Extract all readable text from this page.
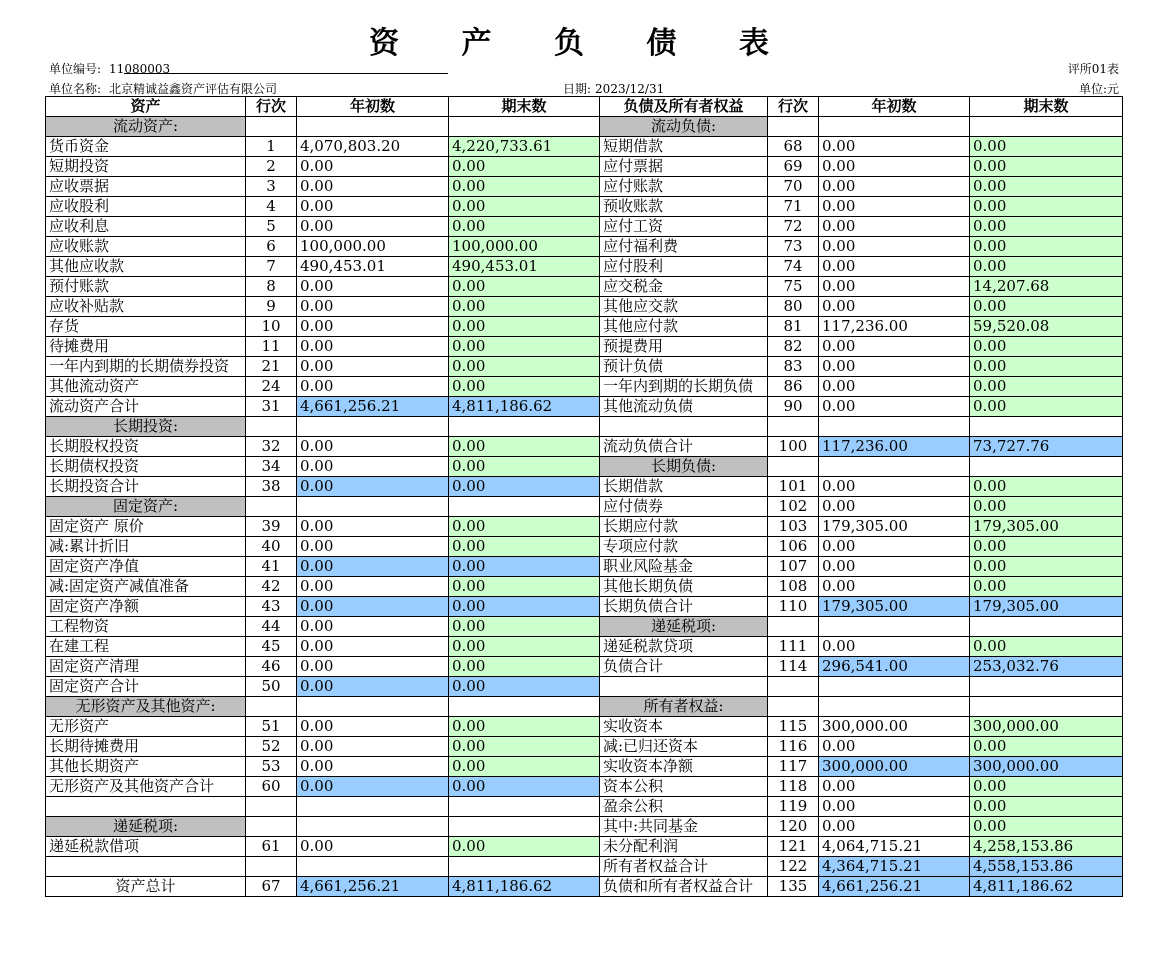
资 产 负 债 表
单位编号: 11080003
单位名称: 北京精诚益鑫资产评估有限公司	日期: 2023/12/31
评所01表
单位:元
资产	行次	年初数	期末数	负债及所有者权益	行次	年初数	期末数
流动资产:				流动负债:			
货币资金	1	4,070,803.20	4,220,733.61	短期借款	68	0.00	0.00
短期投资	2	0.00	0.00	应付票据	69	0.00	0.00
应收票据	3	0.00	0.00	应付账款	70	0.00	0.00
应收股利	4	0.00	0.00	预收账款	71	0.00	0.00
应收利息	5	0.00	0.00	应付工资	72	0.00	0.00
应收账款	6	100,000.00	100,000.00	应付福利费	73	0.00	0.00
其他应收款	7	490,453.01	490,453.01	应付股利	74	0.00	0.00
预付账款	8	0.00	0.00	应交税金	75	0.00	14,207.68
应收补贴款	9	0.00	0.00	其他应交款	80	0.00	0.00
存货	10	0.00	0.00	其他应付款	81	117,236.00	59,520.08
待摊费用	11	0.00	0.00	预提费用	82	0.00	0.00
一年内到期的长期债券投资	21	0.00	0.00	预计负债	83	0.00	0.00
其他流动资产	24	0.00	0.00	一年内到期的长期负债	86	0.00	0.00
流动资产合计	31	4,661,256.21	4,811,186.62	其他流动负债	90	0.00	0.00
长期投资:							
长期股权投资	32	0.00	0.00	流动负债合计	100	117,236.00	73,727.76
长期债权投资	34	0.00	0.00	长期负债:			
长期投资合计	38	0.00	0.00	长期借款	101	0.00	0.00
固定资产:				应付债券	102	0.00	0.00
固定资产 原价	39	0.00	0.00	长期应付款	103	179,305.00	179,305.00
减:累计折旧	40	0.00	0.00	专项应付款	106	0.00	0.00
固定资产净值	41	0.00	0.00	职业风险基金	107	0.00	0.00
减:固定资产减值准备	42	0.00	0.00	其他长期负债	108	0.00	0.00
固定资产净额	43	0.00	0.00	长期负债合计	110	179,305.00	179,305.00
工程物资	44	0.00	0.00	递延税项:			
在建工程	45	0.00	0.00	递延税款贷项	111	0.00	0.00
固定资产清理	46	0.00	0.00	负债合计	114	296,541.00	253,032.76
固定资产合计	50	0.00	0.00				
无形资产及其他资产:				所有者权益:			
无形资产	51	0.00	0.00	实收资本	115	300,000.00	300,000.00
长期待摊费用	52	0.00	0.00	减:已归还资本	116	0.00	0.00
其他长期资产	53	0.00	0.00	实收资本净额	117	300,000.00	300,000.00
无形资产及其他资产合计	60	0.00	0.00	资本公积	118	0.00	0.00
				盈余公积	119	0.00	0.00
递延税项:				其中:共同基金	120	0.00	0.00
递延税款借项	61	0.00	0.00	未分配利润	121	4,064,715.21	4,258,153.86
				所有者权益合计	122	4,364,715.21	4,558,153.86
资产总计	67	4,661,256.21	4,811,186.62	负债和所有者权益合计	135	4,661,256.21	4,811,186.62
